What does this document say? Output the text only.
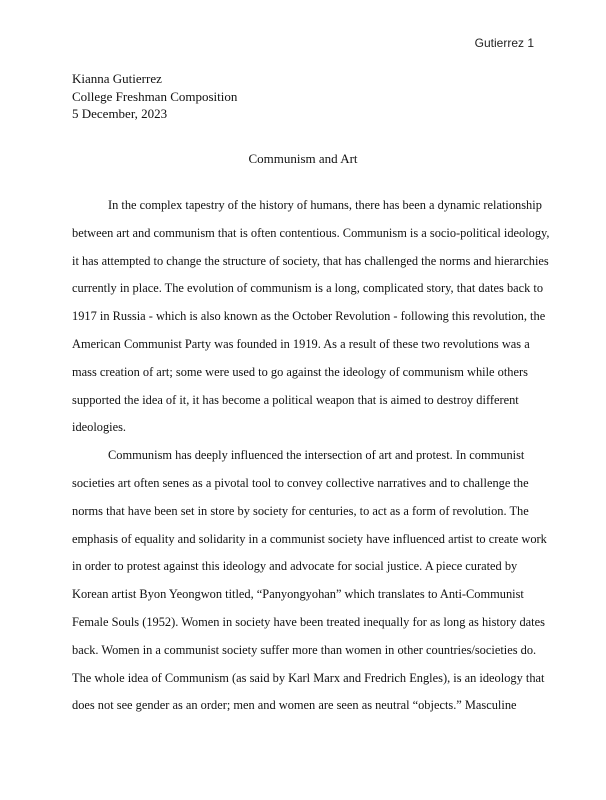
Gutierrez 1
Kianna Gutierrez
College Freshman Composition
5 December, 2023
Communism and Art
In the complex tapestry of the history of humans, there has been a dynamic relationship
between art and communism that is often contentious. Communism is a socio-political ideology,
it has attempted to change the structure of society, that has challenged the norms and hierarchies
currently in place. The evolution of communism is a long, complicated story, that dates back to
1917 in Russia - which is also known as the October Revolution - following this revolution, the
American Communist Party was founded in 1919. As a result of these two revolutions was a
mass creation of art; some were used to go against the ideology of communism while others
supported the idea of it, it has become a political weapon that is aimed to destroy different
ideologies.
Communism has deeply influenced the intersection of art and protest. In communist
societies art often senes as a pivotal tool to convey collective narratives and to challenge the
norms that have been set in store by society for centuries, to act as a form of revolution. The
emphasis of equality and solidarity in a communist society have influenced artist to create work
in order to protest against this ideology and advocate for social justice. A piece curated by
Korean artist Byon Yeongwon titled, “Panyongyohan” which translates to Anti-Communist
Female Souls (1952). Women in society have been treated inequally for as long as history dates
back. Women in a communist society suffer more than women in other countries/societies do.
The whole idea of Communism (as said by Karl Marx and Fredrich Engles), is an ideology that
does not see gender as an order; men and women are seen as neutral “objects.” Masculine
